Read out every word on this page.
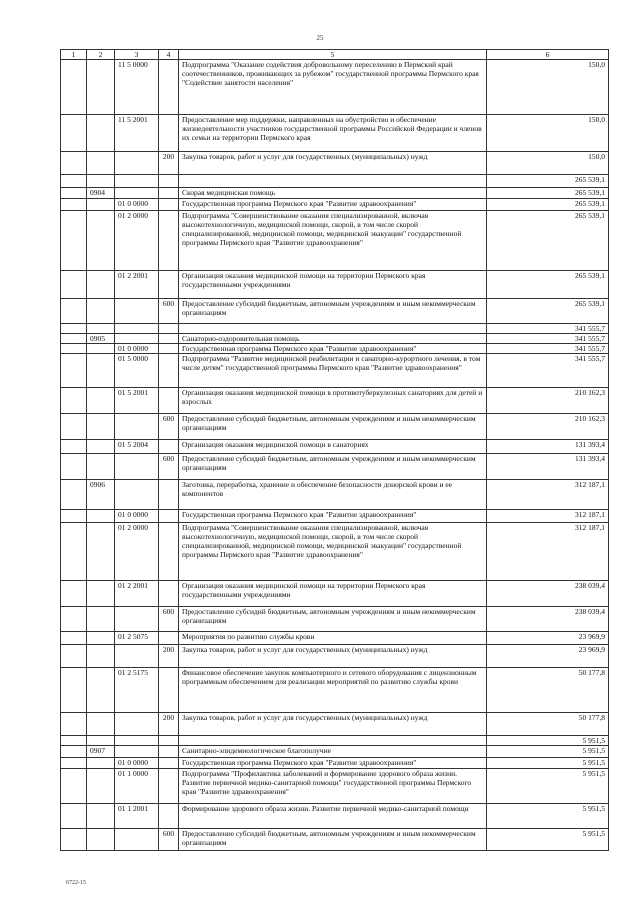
25
1	2	3	4	5	6
		11 5 0000		Подпрограмма "Оказание содействия добровольному переселению в Пермский край соотечественников, проживающих за рубежом" государственной программы Пермского края "Содействие занятости населения"	150,0
		11 5 2001		Предоставление мер поддержки, направленных на обустройство и обеспечение жизнедеятельности участников государственной программы Российской Федерации и членов их семьи на территории Пермского края	150,0
			200	Закупка товаров, работ и услуг для государственных (муниципальных) нужд	150,0
					265 539,1
	0904			Скорая медицинская помощь	265 539,1
		01 0 0000		Государственная программа Пермского края "Развитие здравоохранения"	265 539,1
		01 2 0000		Подпрограмма "Совершенствование оказания специализированной, включая высокотехнологичную, медицинской помощи, скорой, в том числе скорой специализированной, медицинской помощи, медицинской эвакуации" государственной программы Пермского края "Развитие здравоохранения"	265 539,1
		01 2 2001		Организация оказания медицинской помощи на территории Пермского края государственными учреждениями	265 539,1
			600	Предоставление субсидий бюджетным, автономным учреждениям и иным некоммерческим организациям	265 539,1
					341 555,7
	0905			Санаторно-оздоровительная помощь	341 555,7
		01 0 0000		Государственная программа Пермского края "Развитие здравоохранения"	341 555,7
		01 5 0000		Подпрограмма "Развитие медицинской реабилитации и санаторно-курортного лечения, в том числе детям" государственной программы Пермского края "Развитие здравоохранения"	341 555,7
		01 5 2001		Организация оказания медицинской помощи в противотуберкулезных санаториях для детей и взрослых	210 162,3
			600	Предоставление субсидий бюджетным, автономным учреждениям и иным некоммерческим организациям	210 162,3
		01 5 2004		Организация оказания медицинской помощи в санаториях	131 393,4
			600	Предоставление субсидий бюджетным, автономным учреждениям и иным некоммерческим организациям	131 393,4
	0906			Заготовка, переработка, хранение и обеспечение безопасности донорской крови и ее компонентов	312 187,1
		01 0 0000		Государственная программа Пермского края "Развитие здравоохранения"	312 187,1
		01 2 0000		Подпрограмма "Совершенствование оказания специализированной, включая высокотехнологичную, медицинской помощи, скорой, в том числе скорой специализированной, медицинской помощи, медицинской эвакуации" государственной программы Пермского края "Развитие здравоохранения"	312 187,1
		01 2 2001		Организация оказания медицинской помощи на территории Пермского края государственными учреждениями	238 039,4
			600	Предоставление субсидий бюджетным, автономным учреждениям и иным некоммерческим организациям	238 039,4
		01 2 5075		Мероприятия по развитию службы крови	23 969,9
			200	Закупка товаров, работ и услуг для государственных (муниципальных) нужд	23 969,9
		01 2 5175		Финансовое обеспечение закупок компьютерного и сетевого оборудования с лицензионным программным обеспечением для реализации мероприятий по развитию службы крови	50 177,8
			200	Закупка товаров, работ и услуг для государственных (муниципальных) нужд	50 177,8
					5 951,5
	0907			Санитарно-эпидемиологическое благополучие	5 951,5
		01 0 0000		Государственная программа Пермского края "Развитие здравоохранения"	5 951,5
		01 1 0000		Подпрограмма "Профилактика заболеваний и формирование здорового образа жизни. Развитие первичной медико-санитарной помощи" государственной программы Пермского края "Развитие здравоохранения"	5 951,5
		01 1 2001		Формирование здорового образа жизни. Развитие первичной медико-санитарной помощи	5 951,5
			600	Предоставление субсидий бюджетным, автономным учреждениям и иным некоммерческим организациям	5 951,5
6722-15
